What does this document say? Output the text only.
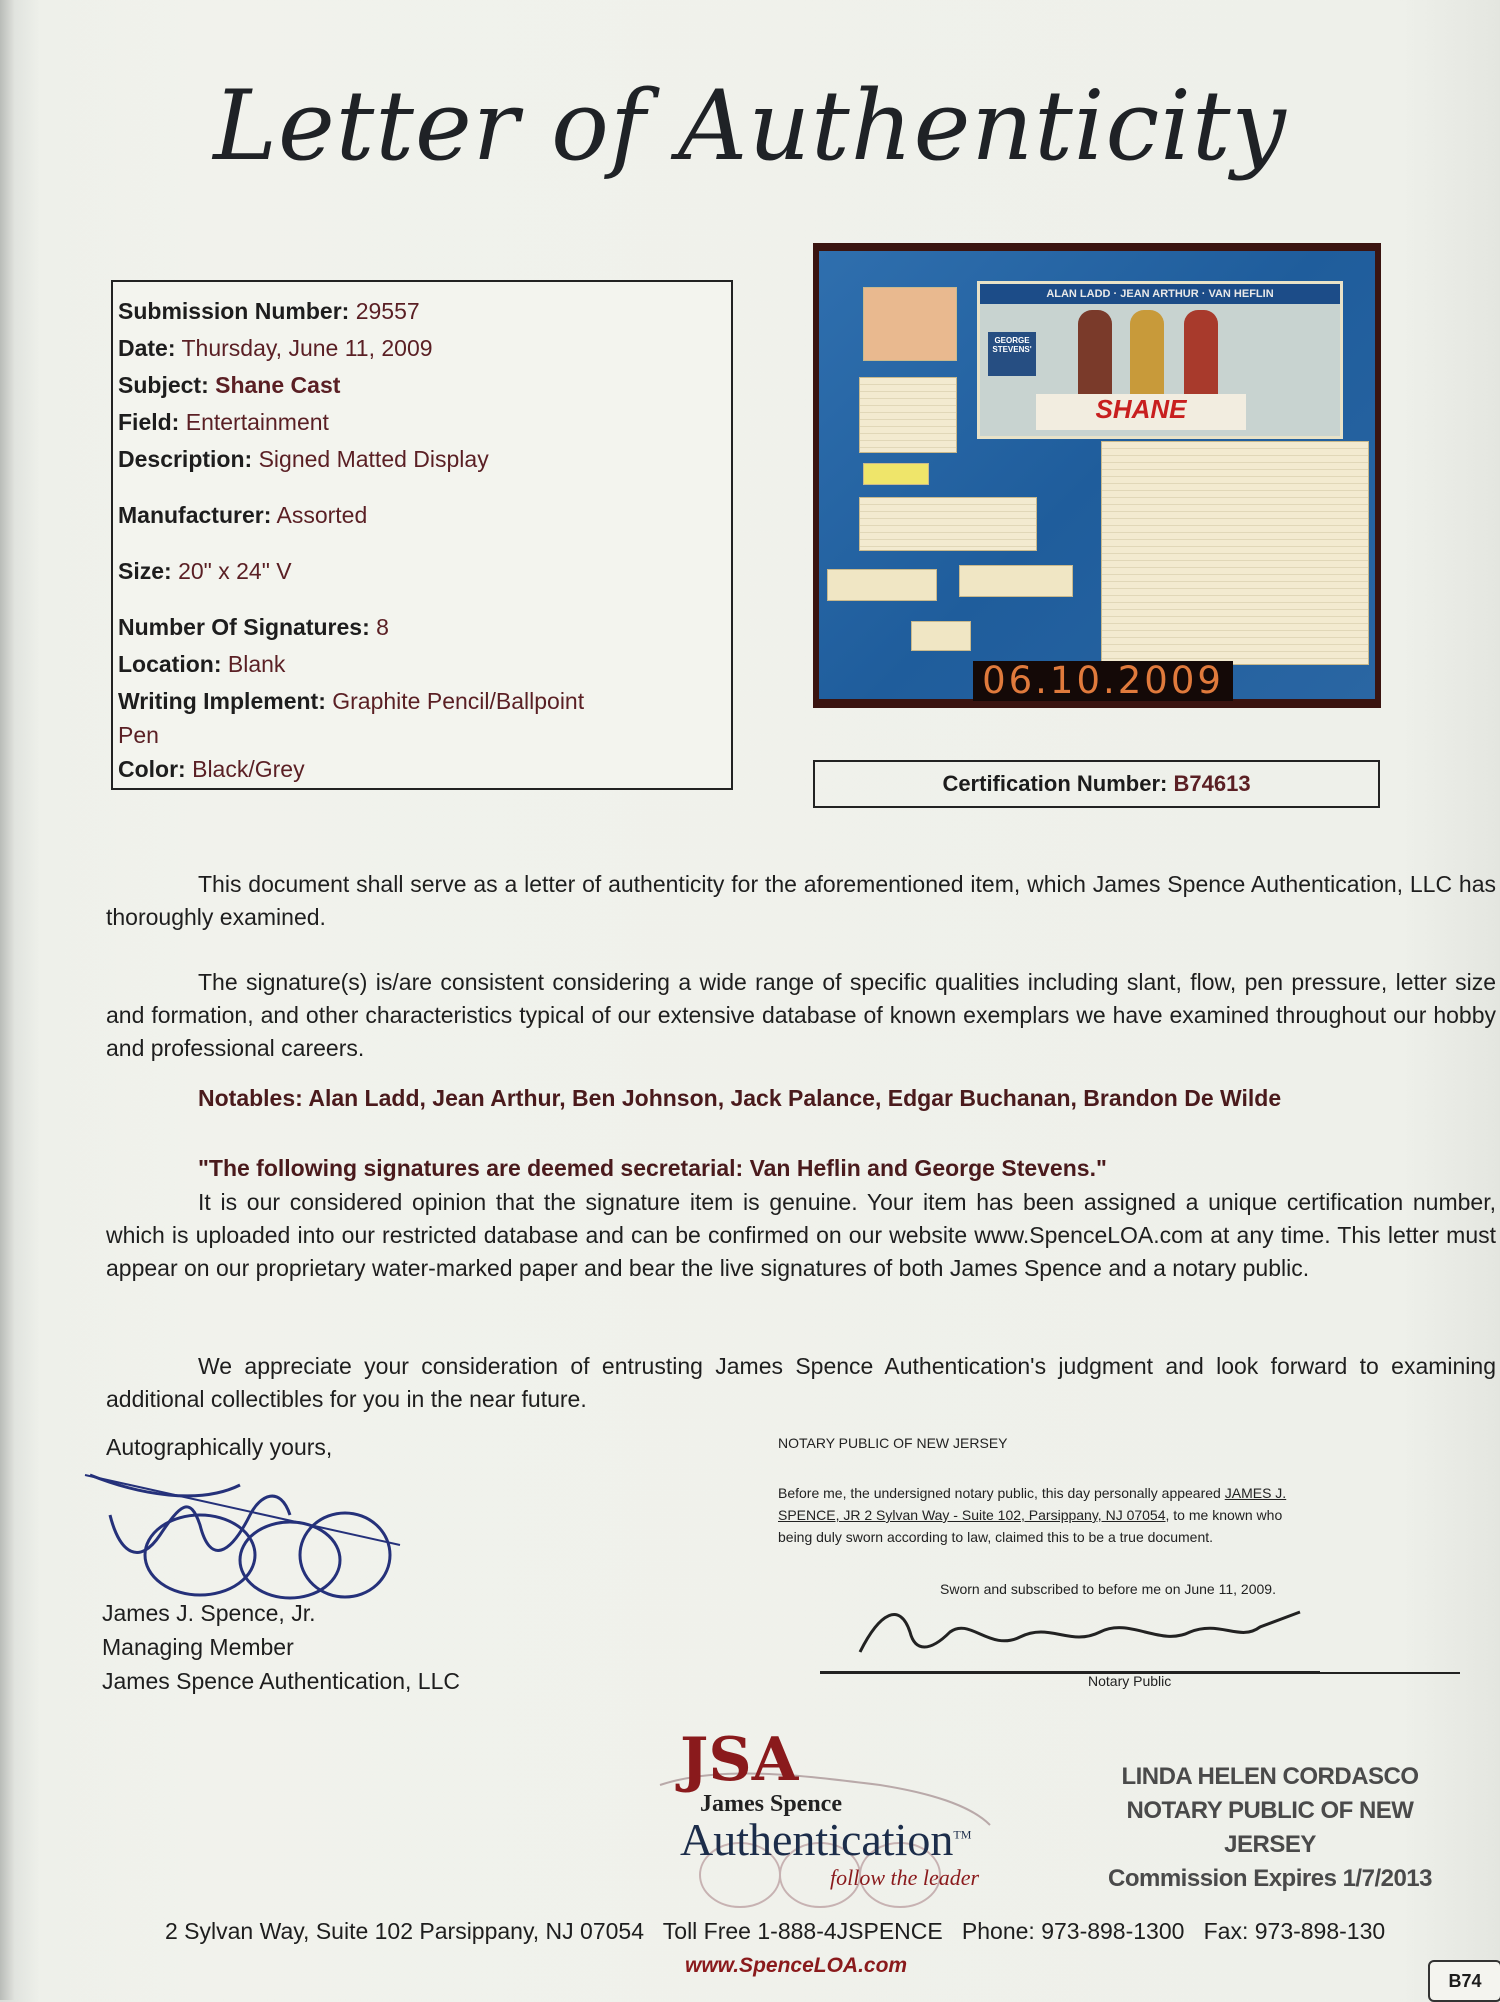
Letter of Authenticity
Submission Number: 29557
Date: Thursday, June 11, 2009
Subject: Shane Cast
Field: Entertainment
Description: Signed Matted Display
Manufacturer: Assorted
Size: 20" x 24" V
Number Of Signatures: 8
Location: Blank
Writing Implement: Graphite Pencil/Ballpoint
Pen
Color: Black/Grey
ALAN LADD · JEAN ARTHUR · VAN HEFLIN
GEORGE STEVENS'
SHANE
06.10.2009
Certification Number: B74613
This document shall serve as a letter of authenticity for the aforementioned item, which James Spence Authentication, LLC has thoroughly examined.
The signature(s) is/are consistent considering a wide range of specific qualities including slant, flow, pen pressure, letter size and formation, and other characteristics typical of our extensive database of known exemplars we have examined throughout our hobby and professional careers.
Notables: Alan Ladd, Jean Arthur, Ben Johnson, Jack Palance, Edgar Buchanan, Brandon De Wilde
"The following signatures are deemed secretarial: Van Heflin and George Stevens."
It is our considered opinion that the signature item is genuine. Your item has been assigned a unique certification number, which is uploaded into our restricted database and can be confirmed on our website www.SpenceLOA.com at any time. This letter must appear on our proprietary water-marked paper and bear the live signatures of both James Spence and a notary public.
We appreciate your consideration of entrusting James Spence Authentication's judgment and look forward to examining additional collectibles for you in the near future.
Autographically yours,
James J. Spence, Jr.
Managing Member
James Spence Authentication, LLC
NOTARY PUBLIC OF NEW JERSEY
Before me, the undersigned notary public, this day personally appeared JAMES J.
SPENCE, JR 2 Sylvan Way - Suite 102, Parsippany, NJ 07054, to me known who
being duly sworn according to law, claimed this to be a true document.
Sworn and subscribed to before me on June 11, 2009.
Notary Public
JSA
James Spence
Authentication™
follow the leader
LINDA HELEN CORDASCO
NOTARY PUBLIC OF NEW JERSEY
Commission Expires 1/7/2013
2 Sylvan Way, Suite 102 Parsippany, NJ 07054 Toll Free 1-888-4JSPENCE Phone: 973-898-1300 Fax: 973-898-130
www.SpenceLOA.com
B74
